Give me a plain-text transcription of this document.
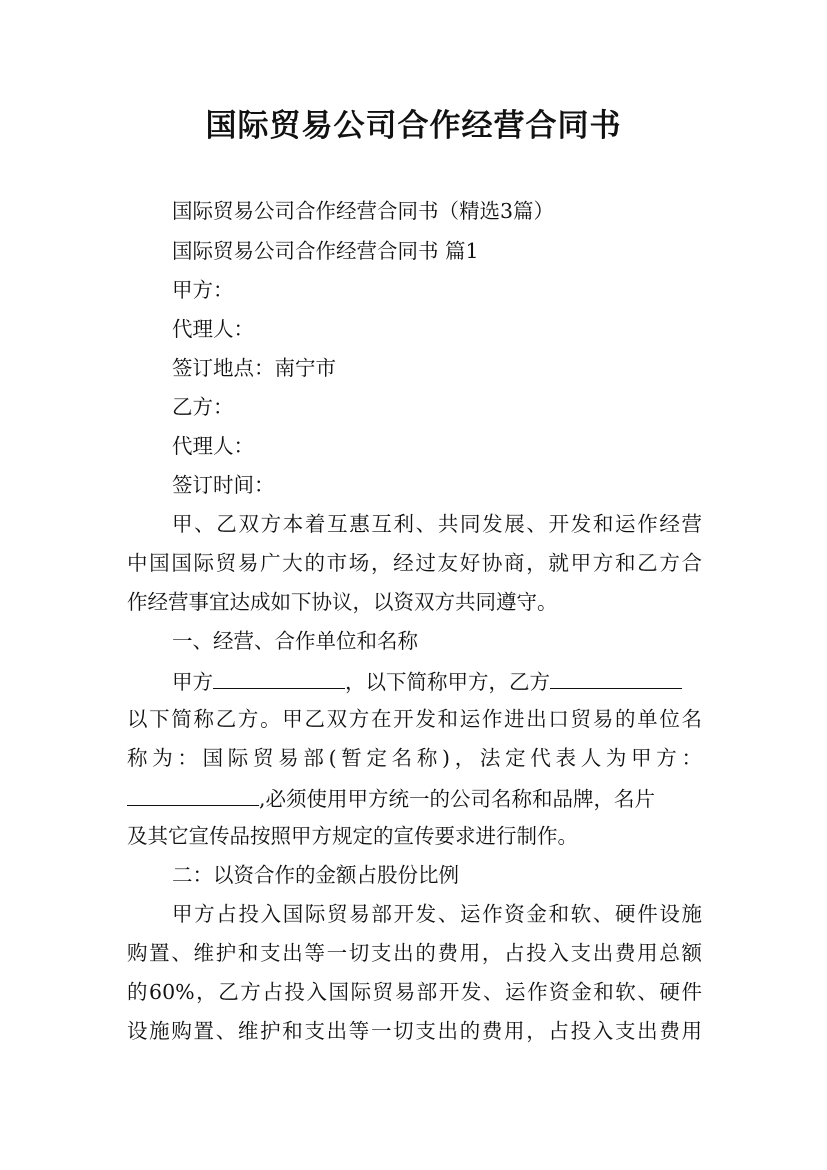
国际贸易公司合作经营合同书
国际贸易公司合作经营合同书（精选3篇）
国际贸易公司合作经营合同书 篇1
甲方：
代理人：
签订地点：南宁市
乙方：
代理人：
签订时间：
甲、乙双方本着互惠互利、共同发展、开发和运作经营
中国国际贸易广大的市场，经过友好协商，就甲方和乙方合
作经营事宜达成如下协议，以资双方共同遵守。
一、经营、合作单位和名称
甲方	，以下简称甲方，乙方
以下简称乙方。甲乙双方在开发和运作进出口贸易的单位名
称为：国际贸易部(暂定名称)，法定代表人为甲方：
,必须使用甲方统一的公司名称和品牌，名片
及其它宣传品按照甲方规定的宣传要求进行制作。
二：以资合作的金额占股份比例
甲方占投入国际贸易部开发、运作资金和软、硬件设施
购置、维护和支出等一切支出的费用，占投入支出费用总额
的60%，乙方占投入国际贸易部开发、运作资金和软、硬件
设施购置、维护和支出等一切支出的费用，占投入支出费用
